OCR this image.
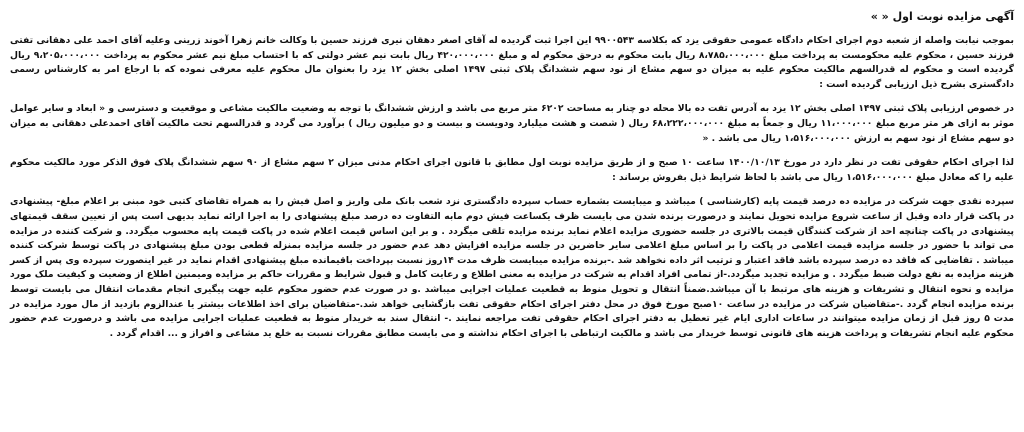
آگهی مزایده نوبت اول « »

بموجب نیابت واصله از شعبه دوم اجرای احکام دادگاه عمومی حقوقی یزد که بکلاسه ۹۹۰۰۵۴۳ این اجرا ثبت گردیده له آقای اصغر دهقان نیری فرزند حسین با وکالت خانم زهرا آخوند زرینی وعلیه آقای احمد علی دهقانی تفتی فرزند حسین ، محکوم علیه محکومست به پرداخت مبلغ ۸،۷۸۵،۰۰۰،۰۰۰ ریال بابت محکوم به درحق محکوم له و مبلغ ۴۲۰،۰۰۰،۰۰۰ ریال بابت نیم عشر دولتی که با احتساب مبلغ نیم عشر محکوم به پرداخت ۹،۲۰۵،۰۰۰،۰۰۰ ریال گردیده است و محکوم له قدرالسهم مالکیت محکوم علیه به میزان دو سهم مشاع از نود سهم ششدانگ پلاک ثبتی ۱۴۹۷ اصلی بخش ۱۲ یزد را بعنوان مال محکوم علیه معرفی نموده که با ارجاع امر به کارشناس رسمی دادگستری بشرح ذیل ارزیابی گردیده است :

در خصوص ارزیابی پلاک ثبتی ۱۴۹۷ اصلی بخش ۱۲ یزد به آدرس تفت ده بالا محله دو چنار به مساحت ۶۲۰۲ متر مربع می باشد و ارزش ششدانگ با توجه به وضعیت مالکیت مشاعی و موقعیت و دسترسی و « ابعاد و سایر عوامل موثر به ازای هر متر مربع مبلغ ۱۱،۰۰۰،۰۰۰ ریال و جمعاً به مبلغ ۶۸،۲۲۲،۰۰۰،۰۰۰ ریال ( شصت و هشت میلیارد ودویست و بیست و دو میلیون ریال ) برآورد می گردد و قدرالسهم تحت مالکیت آقای احمدعلی دهقانی به میزان دو سهم مشاع از نود سهم به ارزش ۱،۵۱۶،۰۰۰،۰۰۰ ریال می باشد . «

لذا اجرای احکام حقوقی تفت در نظر دارد در مورخ ۱۴۰۰/۱۰/۱۳ ساعت ۱۰ صبح و از طریق مزایده نوبت اول مطابق با قانون اجرای احکام مدنی میزان ۲ سهم مشاع از ۹۰ سهم ششدانگ پلاک فوق الذکر مورد مالکیت محکوم علیه را که معادل مبلغ ۱،۵۱۶،۰۰۰،۰۰۰ ریال می باشد با لحاظ شرایط ذیل بفروش برساند :

سپرده نقدی جهت شرکت در مزایده ده درصد قیمت پایه (کارشناسی ) میباشد و میبایست بشماره حساب سپرده دادگستری نزد شعب بانک ملی واریز و اصل فیش را به همراه تقاضای کتبی خود مبنی بر اعلام مبلغ- پیشنهادی در پاکت قرار داده وقبل از ساعت شروع مزایده تحویل نمایند و درصورت برنده شدن می بایست ظرف یکساعت فیش دوم مابه التفاوت ده درصد مبلغ پیشنهادی را به اجرا ارائه نماید بدیهی است پس از تعیین سقف قیمتهای پیشنهادی در پاکت چنانچه احد از شرکت کنندگان قیمت بالاتری در جلسه حضوری مزایده اعلام نماید برنده مزایده تلقی میگردد . و بر این اساس قیمت اعلام شده در پاکت قیمت پایه محسوب میگردد. و شرکت کننده در مزایده می تواند با حضور در جلسه مزایده قیمت اعلامی در پاکت را بر اساس مبلغ اعلامی سایر حاضرین در جلسه مزایده افزایش دهد عدم حضور در جلسه مزایده بمنزله قطعی بودن مبلغ پیشنهادی در پاکت توسط شرکت کننده میباشد . تقاضایی که فاقد ده درصد سپرده باشد فاقد اعتبار و ترتیب اثر داده نخواهد شد .-برنده مزایده میبایست ظرف مدت ۱۴روز نسبت بپرداخت باقیمانده مبلغ پیشنهادی اقدام نماید در غیر اینصورت سپرده وی پس از کسر هزینه مزایده به نفع دولت ضبط میگردد . و مزایده تجدید میگردد.-از تمامی افراد اقدام به شرکت در مزایده به معنی اطلاع و رعایت کامل و قبول شرایط و مقررات حاکم بر مزایده ومیمنین اطلاع از وضعیت و کیفیت ملک مورد مزایده و نحوه انتقال و تشریفات و هزینه های مرتبط با آن میباشد.ضمناً انتقال و تحویل منوط به قطعیت عملیات اجرایی میباشد .و در صورت عدم حضور محکوم علیه جهت پیگیری انجام مقدمات انتقال می بایست توسط برنده مزایده انجام گردد .-متقاضیان شرکت در مزایده در ساعت ۱۰صبح مورخ فوق در محل دفتر اجرای احکام حقوقی تفت بازگشایی خواهد شد.-متقاضیان برای اخذ اطلاعات بیشتر یا عندالزوم بازدید از مال مورد مزایده در مدت ۵ روز قبل از زمان مزایده میتوانند در ساعات اداری ایام غیر تعطیل به دفتر اجرای احکام حقوقی تفت مراجعه نمایند .- انتقال سند به خریدار منوط به قطعیت عملیات اجرایی مزایده می باشد و درصورت عدم حضور محکوم علیه انجام تشریفات و پرداخت هزینه های قانونی توسط خریدار می باشد و مالکیت ارتباطی با اجرای احکام نداشته و می بایست مطابق مقررات نسبت به خلع ید مشاعی و افراز و ... اقدام گردد .
